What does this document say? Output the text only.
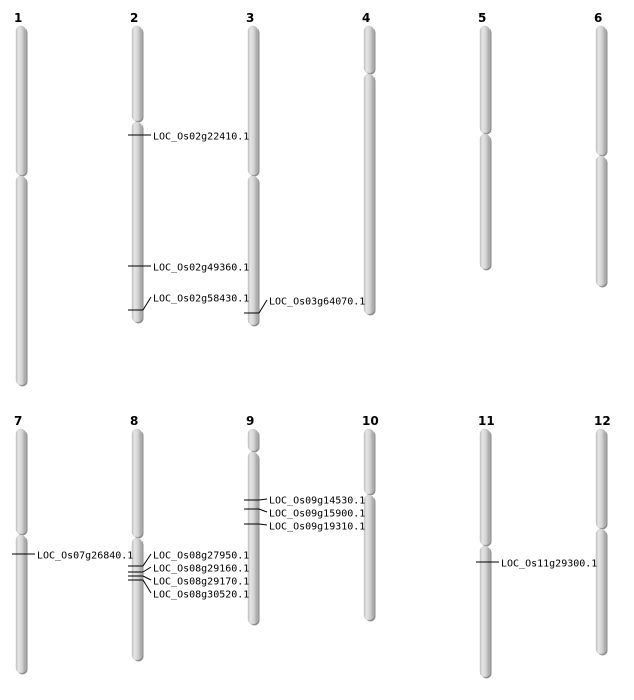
1	2	3	4	5	6
7	8	9	10	11	12
LOC_Os02g22410.1
LOC_Os02g49360.1
LOC_Os02g58430.1 LOC_Os03g64070.1
LOC_Os07g26840.1 LOC_Os08g27950.1
LOC_Os08g29160.1
LOC_Os08g29170.1
LOC_Os08g30520.1
LOC_Os09g14530.1
LOC_Os09g15900.1
LOC_Os09g19310.1
LOC_Os11g29300.1
